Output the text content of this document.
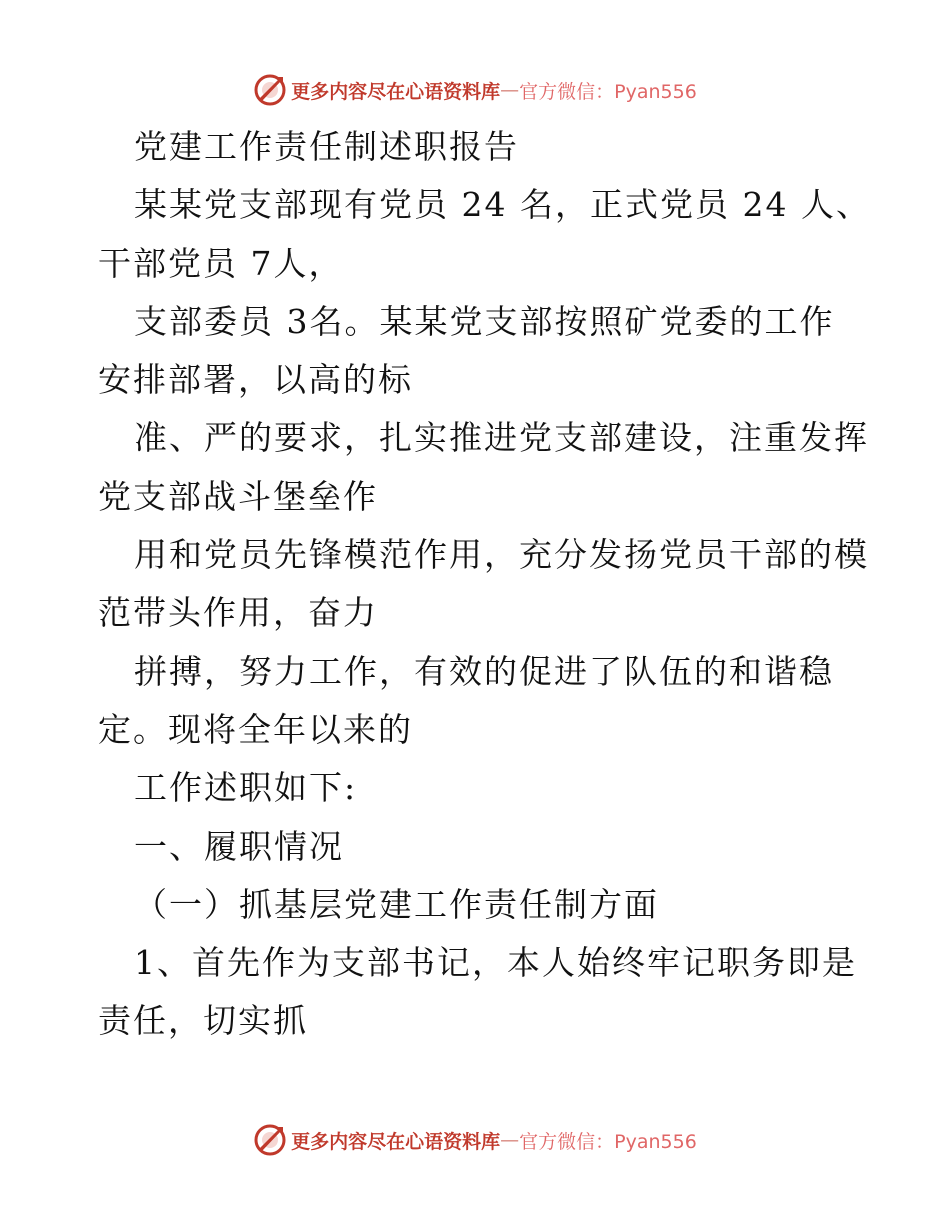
更多内容尽在心语资料库 — 官方微信：Pyan556
党建工作责任制述职报告
某某党支部现有党员 24 名，正式党员 24 人、
干部党员 7人，
支部委员 3名。某某党支部按照矿党委的工作
安排部署，以高的标
准、严的要求，扎实推进党支部建设，注重发挥
党支部战斗堡垒作
用和党员先锋模范作用，充分发扬党员干部的模
范带头作用，奋力
拼搏，努力工作，有效的促进了队伍的和谐稳
定。现将全年以来的
工作述职如下:
一、履职情况
（一）抓基层党建工作责任制方面
1、首先作为支部书记，本人始终牢记职务即是
责任，切实抓
更多内容尽在心语资料库 — 官方微信：Pyan556
